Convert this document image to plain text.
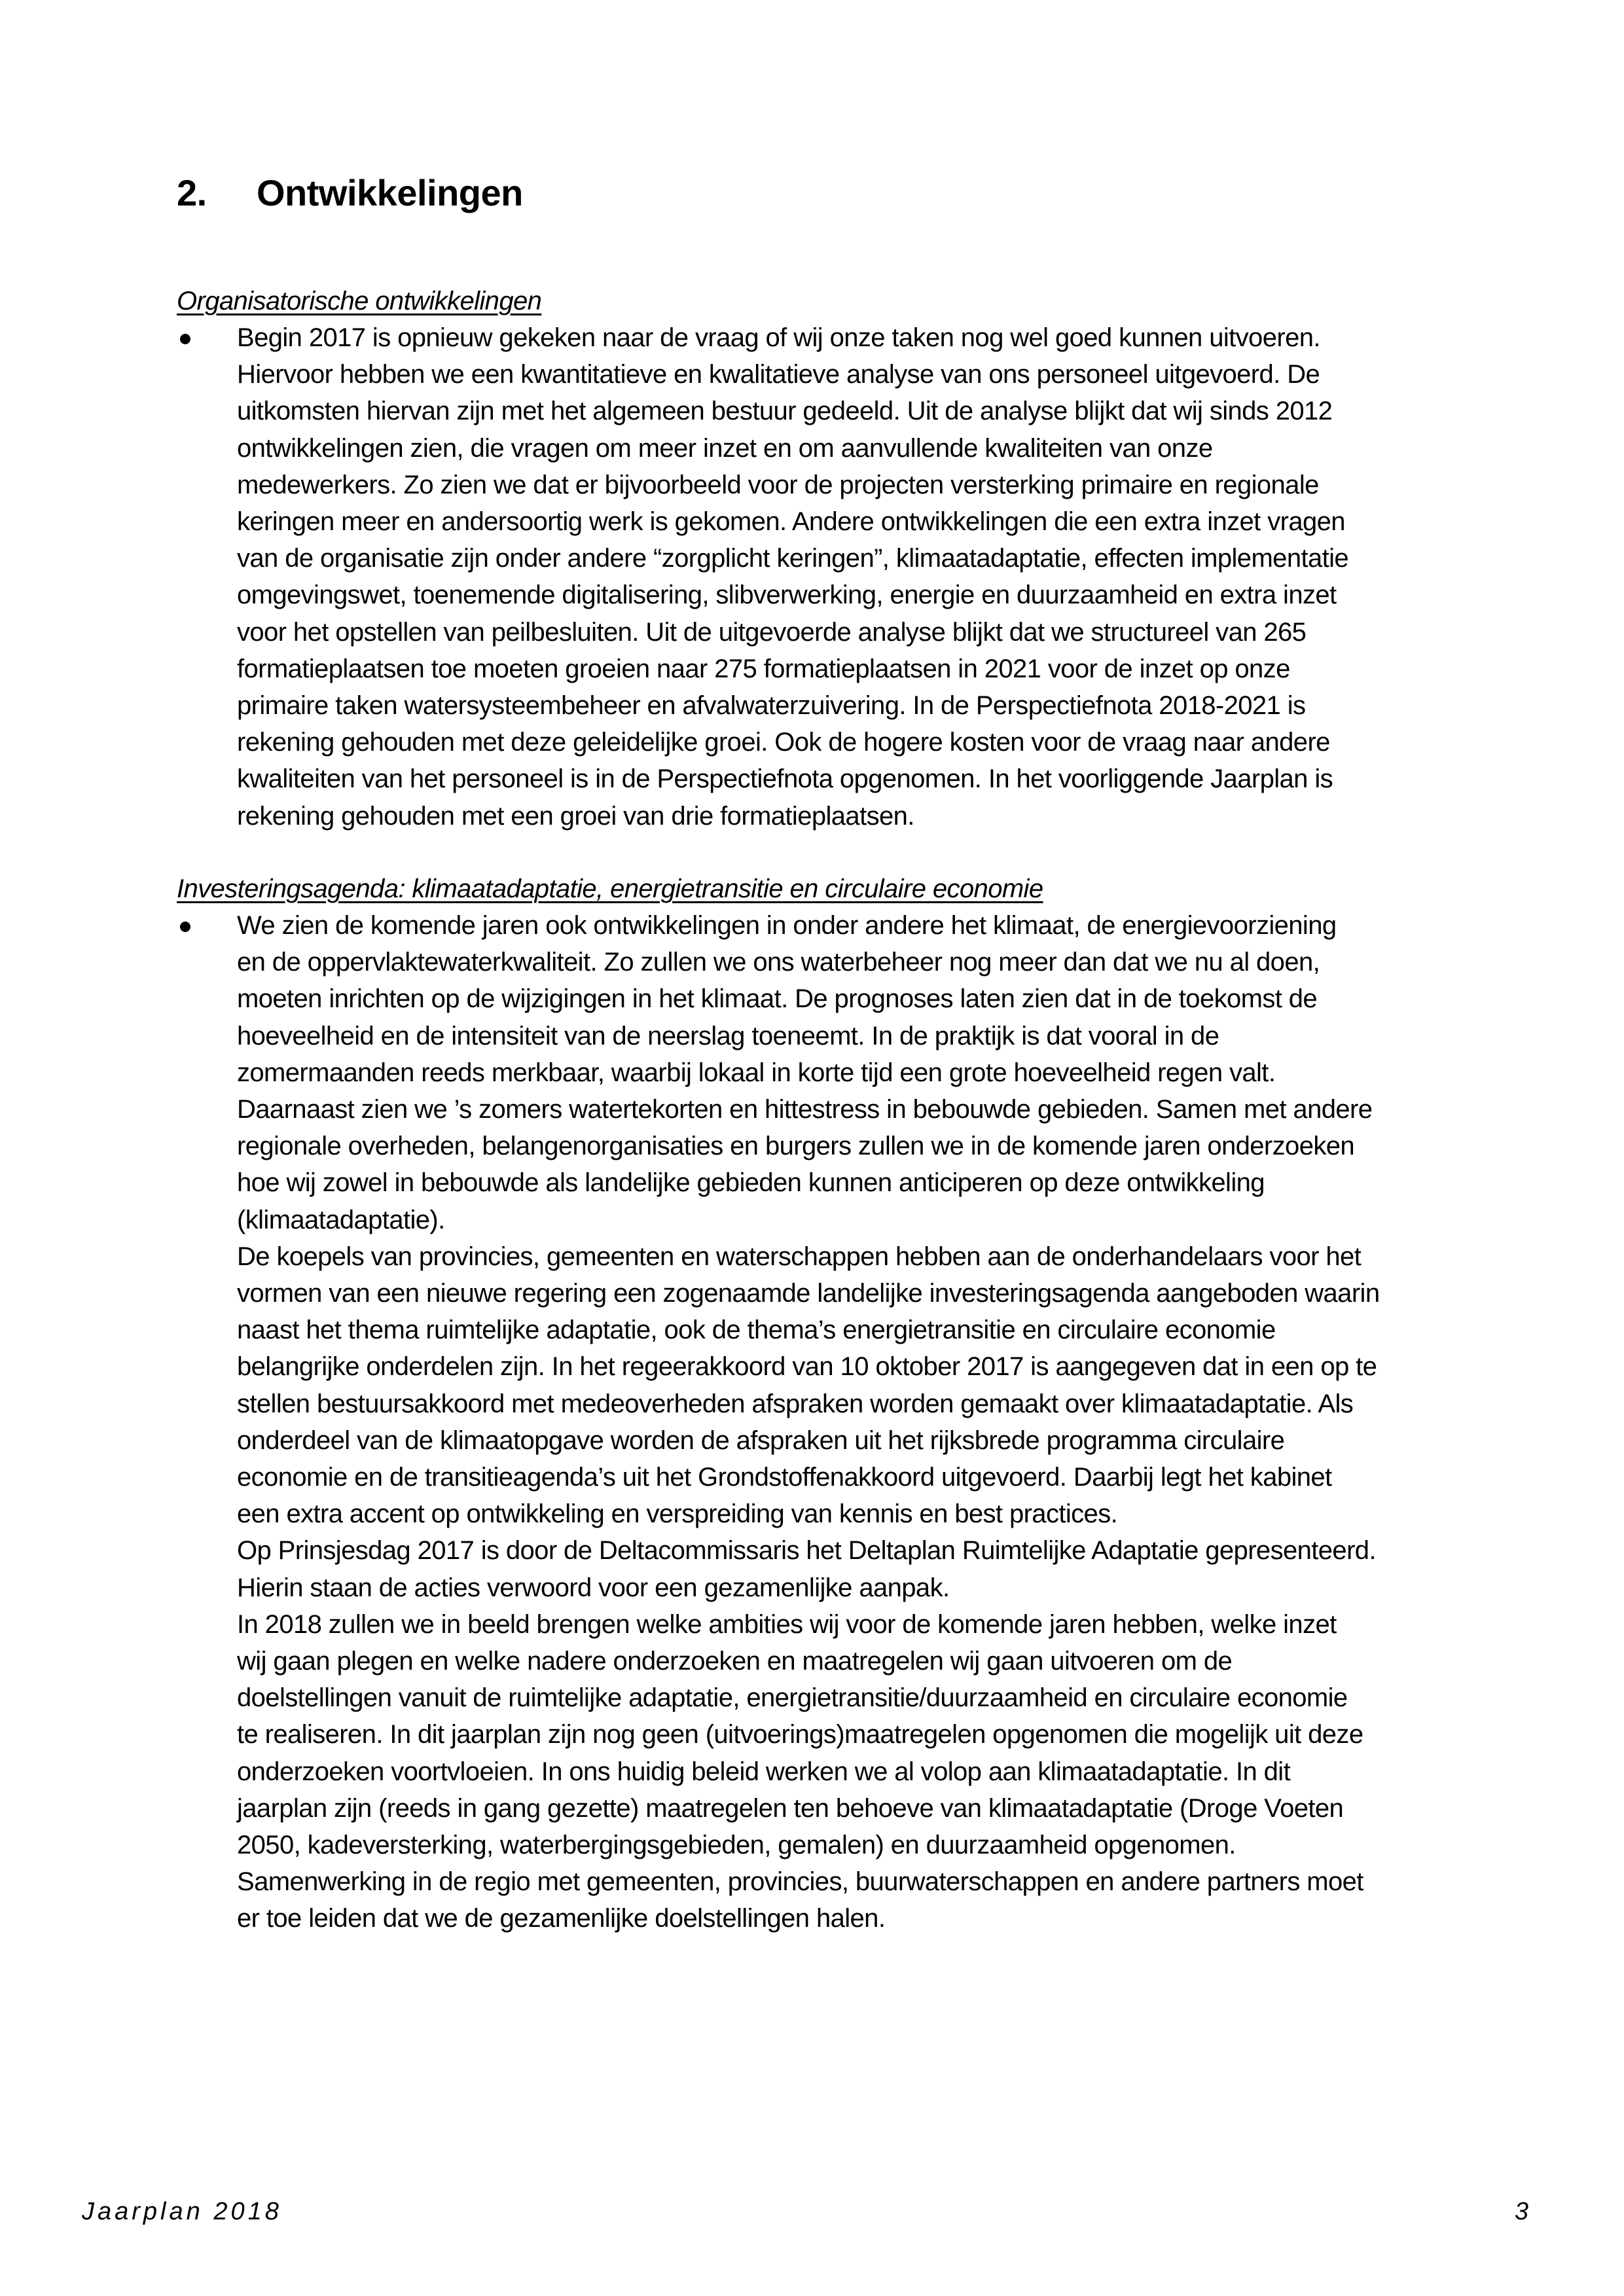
2.	Ontwikkelingen
Organisatorische ontwikkelingen
Begin 2017 is opnieuw gekeken naar de vraag of wij onze taken nog wel goed kunnen uitvoeren.
Hiervoor hebben we een kwantitatieve en kwalitatieve analyse van ons personeel uitgevoerd. De
uitkomsten hiervan zijn met het algemeen bestuur gedeeld. Uit de analyse blijkt dat wij sinds 2012
ontwikkelingen zien, die vragen om meer inzet en om aanvullende kwaliteiten van onze
medewerkers. Zo zien we dat er bijvoorbeeld voor de projecten versterking primaire en regionale
keringen meer en andersoortig werk is gekomen. Andere ontwikkelingen die een extra inzet vragen
van de organisatie zijn onder andere “zorgplicht keringen”, klimaatadaptatie, effecten implementatie
omgevingswet, toenemende digitalisering, slibverwerking, energie en duurzaamheid en extra inzet
voor het opstellen van peilbesluiten. Uit de uitgevoerde analyse blijkt dat we structureel van 265
formatieplaatsen toe moeten groeien naar 275 formatieplaatsen in 2021 voor de inzet op onze
primaire taken watersysteembeheer en afvalwaterzuivering. In de Perspectiefnota 2018-2021 is
rekening gehouden met deze geleidelijke groei. Ook de hogere kosten voor de vraag naar andere
kwaliteiten van het personeel is in de Perspectiefnota opgenomen. In het voorliggende Jaarplan is
rekening gehouden met een groei van drie formatieplaatsen.
Investeringsagenda: klimaatadaptatie, energietransitie en circulaire economie
We zien de komende jaren ook ontwikkelingen in onder andere het klimaat, de energievoorziening
en de oppervlaktewaterkwaliteit. Zo zullen we ons waterbeheer nog meer dan dat we nu al doen,
moeten inrichten op de wijzigingen in het klimaat. De prognoses laten zien dat in de toekomst de
hoeveelheid en de intensiteit van de neerslag toeneemt. In de praktijk is dat vooral in de
zomermaanden reeds merkbaar, waarbij lokaal in korte tijd een grote hoeveelheid regen valt.
Daarnaast zien we ’s zomers watertekorten en hittestress in bebouwde gebieden. Samen met andere
regionale overheden, belangenorganisaties en burgers zullen we in de komende jaren onderzoeken
hoe wij zowel in bebouwde als landelijke gebieden kunnen anticiperen op deze ontwikkeling
(klimaatadaptatie).
De koepels van provincies, gemeenten en waterschappen hebben aan de onderhandelaars voor het
vormen van een nieuwe regering een zogenaamde landelijke investeringsagenda aangeboden waarin
naast het thema ruimtelijke adaptatie, ook de thema’s energietransitie en circulaire economie
belangrijke onderdelen zijn. In het regeerakkoord van 10 oktober 2017 is aangegeven dat in een op te
stellen bestuursakkoord met medeoverheden afspraken worden gemaakt over klimaatadaptatie. Als
onderdeel van de klimaatopgave worden de afspraken uit het rijksbrede programma circulaire
economie en de transitieagenda’s uit het Grondstoffenakkoord uitgevoerd. Daarbij legt het kabinet
een extra accent op ontwikkeling en verspreiding van kennis en best practices.
Op Prinsjesdag 2017 is door de Deltacommissaris het Deltaplan Ruimtelijke Adaptatie gepresenteerd.
Hierin staan de acties verwoord voor een gezamenlijke aanpak.
In 2018 zullen we in beeld brengen welke ambities wij voor de komende jaren hebben, welke inzet
wij gaan plegen en welke nadere onderzoeken en maatregelen wij gaan uitvoeren om de
doelstellingen vanuit de ruimtelijke adaptatie, energietransitie/duurzaamheid en circulaire economie
te realiseren. In dit jaarplan zijn nog geen (uitvoerings)maatregelen opgenomen die mogelijk uit deze
onderzoeken voortvloeien. In ons huidig beleid werken we al volop aan klimaatadaptatie. In dit
jaarplan zijn (reeds in gang gezette) maatregelen ten behoeve van klimaatadaptatie (Droge Voeten
2050, kadeversterking, waterbergingsgebieden, gemalen) en duurzaamheid opgenomen.
Samenwerking in de regio met gemeenten, provincies, buurwaterschappen en andere partners moet
er toe leiden dat we de gezamenlijke doelstellingen halen.
Jaarplan 2018	3
